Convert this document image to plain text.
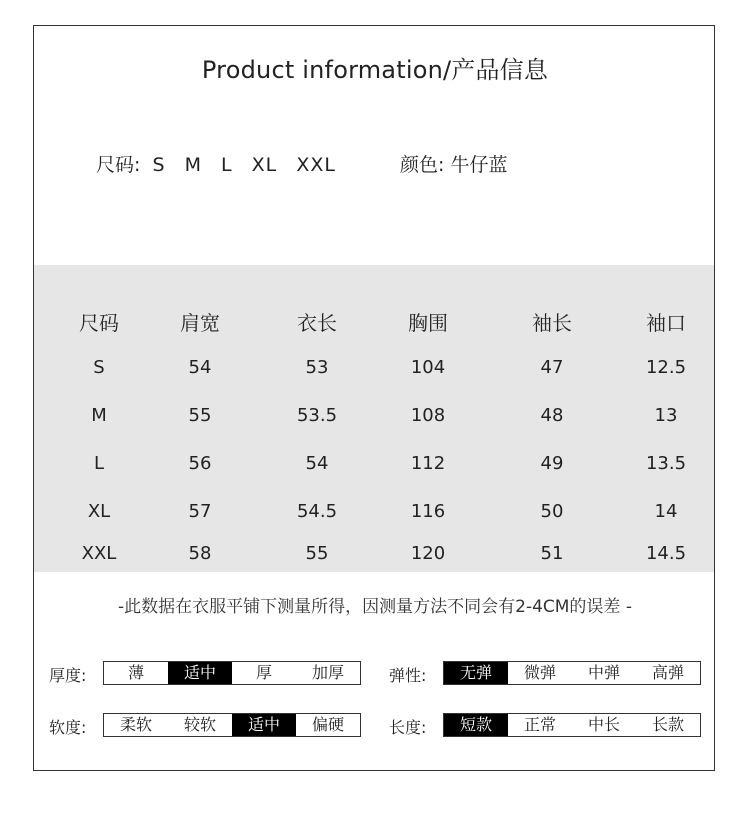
Product information/产品信息
尺码: S M L XL XXL	颜色: 牛仔蓝
尺码	肩宽	衣长	胸围	袖长	袖口
S	54	53	104	47	12.5
M	55	53.5	108	48	13
L	56	54	112	49	13.5
XL	57	54.5	116	50	14
XXL	58	55	120	51	14.5
-此数据在衣服平铺下测量所得，因测量方法不同会有2-4CM的误差 -
厚度:	薄	适中	厚	加厚	弹性:	无弹	微弹	中弹	高弹
软度:	柔软	较软	适中	偏硬	长度:	短款	正常	中长	长款
